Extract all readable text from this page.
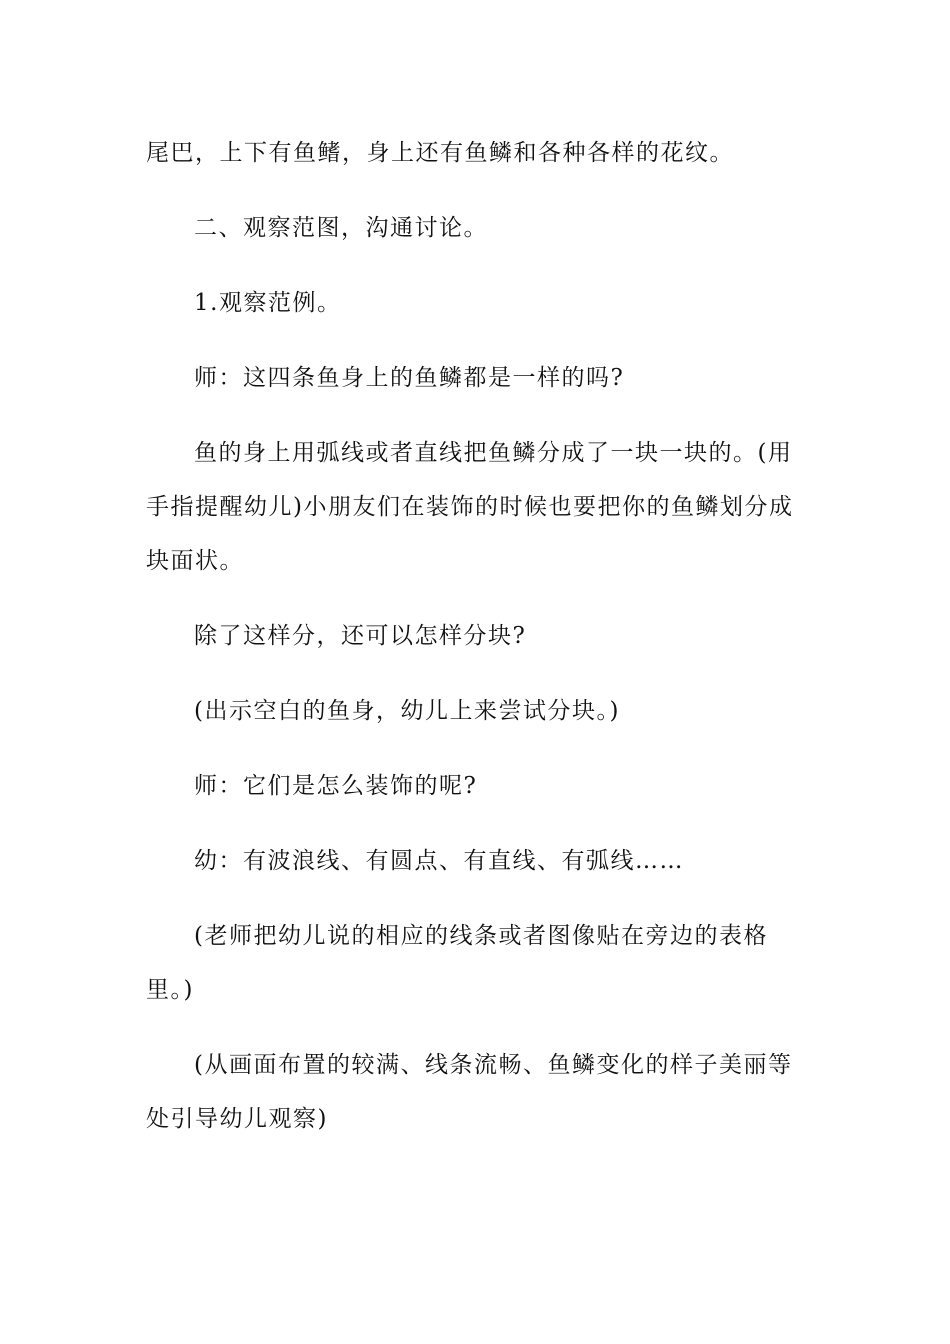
尾巴，上下有鱼鳍，身上还有鱼鳞和各种各样的花纹。

二、观察范图，沟通讨论。

1.观察范例。

师：这四条鱼身上的鱼鳞都是一样的吗?

鱼的身上用弧线或者直线把鱼鳞分成了一块一块的。(用手指提醒幼儿)小朋友们在装饰的时候也要把你的鱼鳞划分成块面状。

除了这样分，还可以怎样分块?

(出示空白的鱼身，幼儿上来尝试分块。)

师：它们是怎么装饰的呢?

幼：有波浪线、有圆点、有直线、有弧线……

(老师把幼儿说的相应的线条或者图像贴在旁边的表格里。)

(从画面布置的较满、线条流畅、鱼鳞变化的样子美丽等处引导幼儿观察)
